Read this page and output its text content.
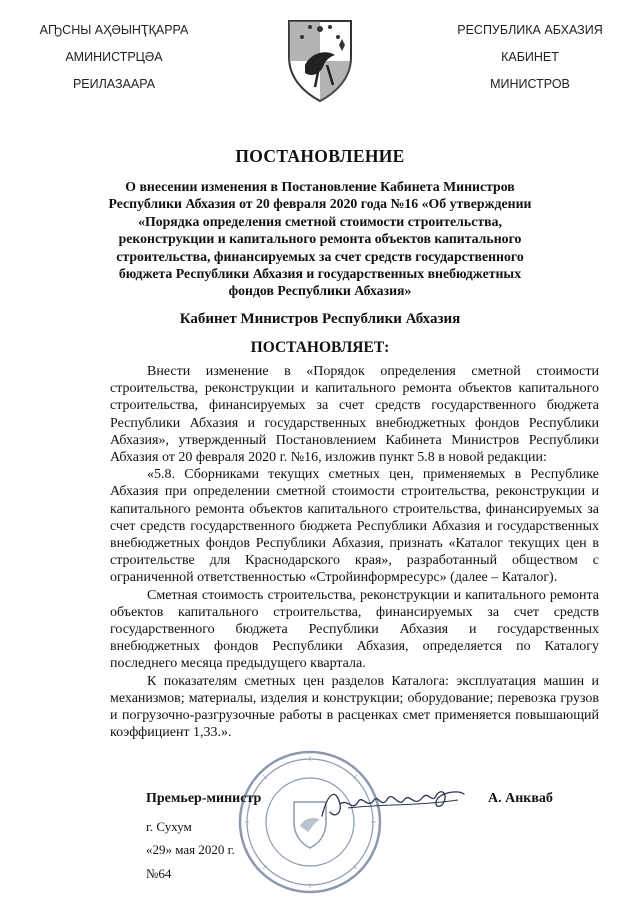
АҦСНЫ АҲӘЫНҬҚАРРА
АМИНИСТРЦӘА
РЕИЛАЗААРА
РЕСПУБЛИКА АБХАЗИЯ
КАБИНЕТ
МИНИСТРОВ
ПОСТАНОВЛЕНИЕ
О внесении изменения в Постановление Кабинета Министров Республики Абхазия от 20 февраля 2020 года №16 «Об утверждении «Порядка определения сметной стоимости строительства, реконструкции и капитального ремонта объектов капитального строительства, финансируемых за счет средств государственного бюджета Республики Абхазия и государственных внебюджетных фондов Республики Абхазия»
Кабинет Министров Республики Абхазия
ПОСТАНОВЛЯЕТ:

Внести изменение в «Порядок определения сметной стоимости строительства, реконструкции и капитального ремонта объектов капитального строительства, финансируемых за счет средств государственного бюджета Республики Абхазия и государственных внебюджетных фондов Республики Абхазия», утвержденный Постановлением Кабинета Министров Республики Абхазия от 20 февраля 2020 г. №16, изложив пункт 5.8 в новой редакции:

«5.8. Сборниками текущих сметных цен, применяемых в Республике Абхазия при определении сметной стоимости строительства, реконструкции и капитального ремонта объектов капитального строительства, финансируемых за счет средств государственного бюджета Республики Абхазия и государственных внебюджетных фондов Республики Абхазия, признать «Каталог текущих цен в строительстве для Краснодарского края», разработанный обществом с ограниченной ответственностью «Стройинформресурс» (далее – Каталог).

Сметная стоимость строительства, реконструкции и капитального ремонта объектов капитального строительства, финансируемых за счет средств государственного бюджета Республики Абхазия и государственных внебюджетных фондов Республики Абхазия, определяется по Каталогу последнего месяца предыдущего квартала.

К показателям сметных цен разделов Каталога: эксплуатация машин и механизмов; материалы, изделия и конструкции; оборудование; перевозка грузов и погрузочно-разгрузочные работы в расценках смет применяется повышающий коэффициент 1,33.».

Премьер-министр	А. Анкваб
г. Сухум
«29» мая 2020 г.
№64
